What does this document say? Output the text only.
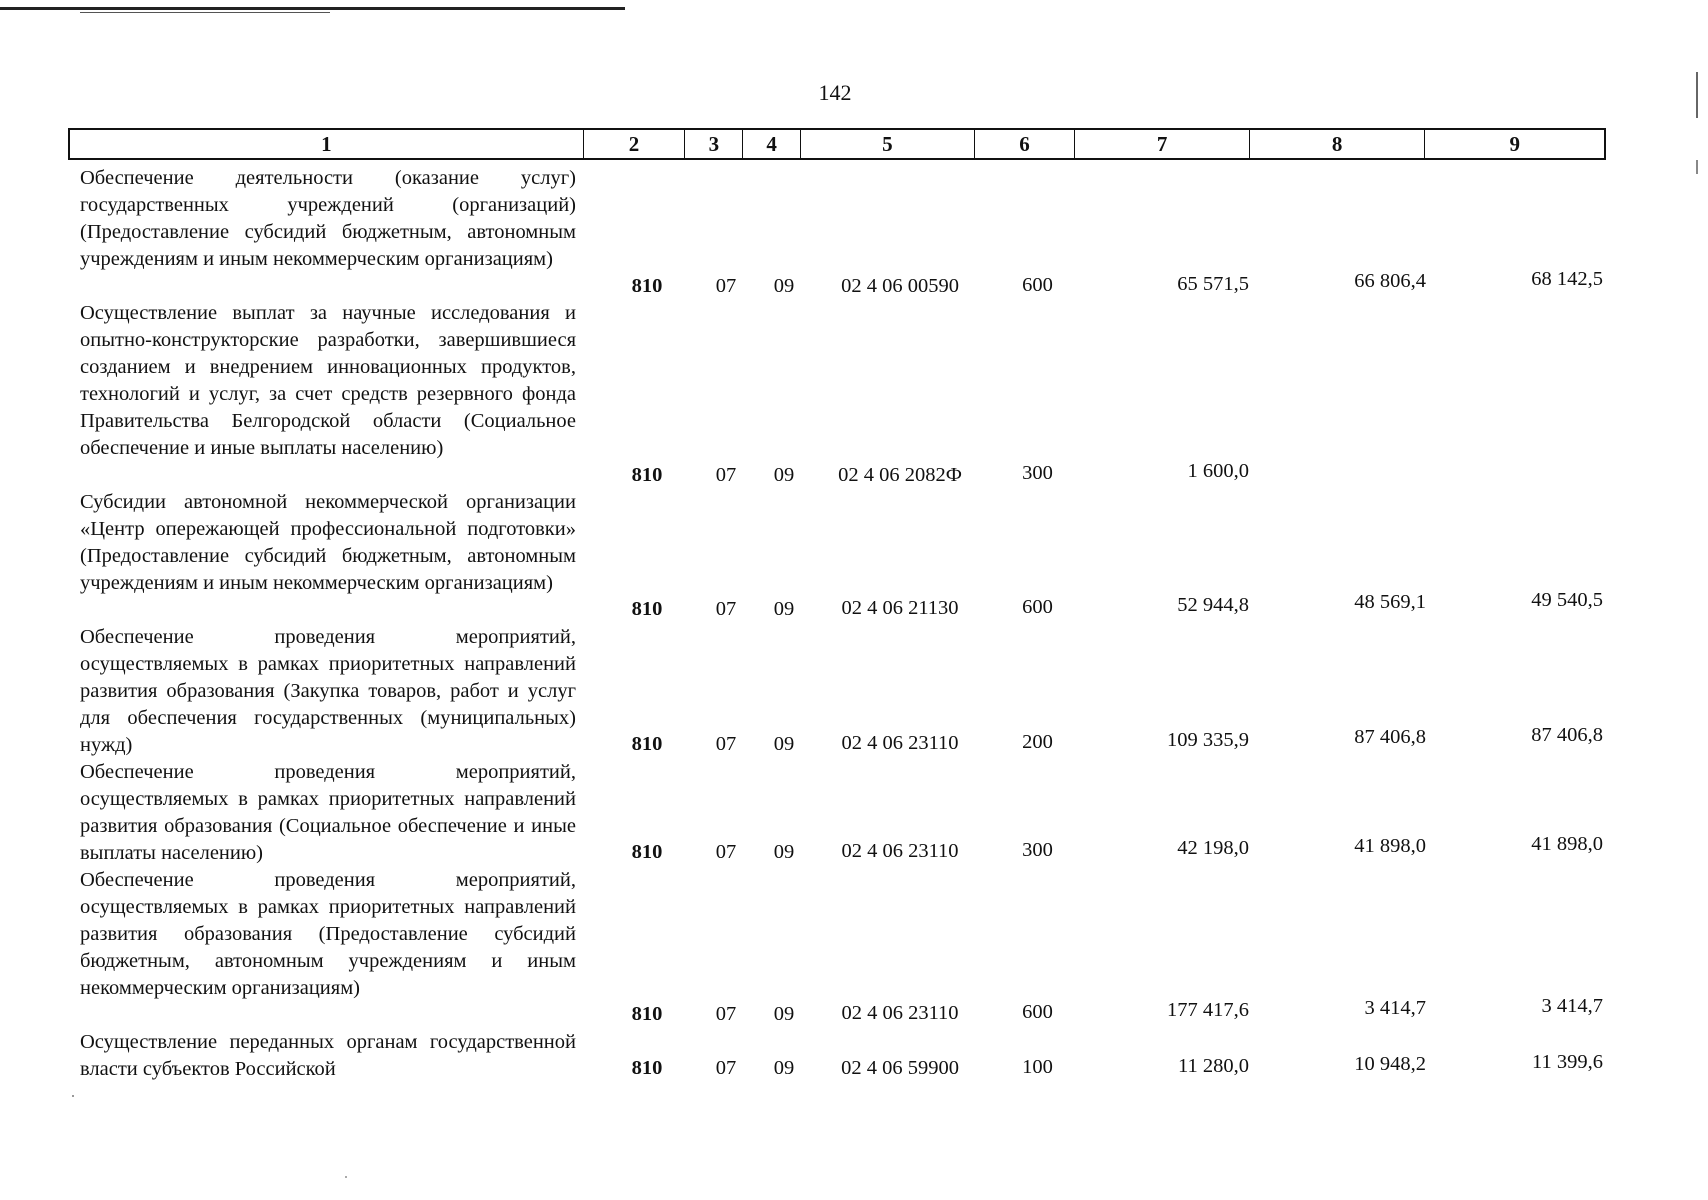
142
1	2	3	4	5	6	7	8	9
Обеспечение деятельности (оказание услуг) государственных учреждений (организаций) (Предоставление субсидий бюджетным, автономным учреждениям и иным некоммерческим организациям)
810	07	09	02 4 06 00590	600	65 571,5	66 806,4	68 142,5
Осуществление выплат за научные исследования и опытно-конструкторские разработки, завершившиеся созданием и внедрением инновационных продуктов, технологий и услуг, за счет средств резервного фонда Правительства Белгородской области (Социальное обеспечение и иные выплаты населению)
810	07	09	02 4 06 2082Ф	300	1 600,0
Субсидии автономной некоммерческой организации «Центр опережающей профессиональной подготовки» (Предоставление субсидий бюджетным, автономным учреждениям и иным некоммерческим организациям)
810	07	09	02 4 06 21130	600	52 944,8	48 569,1	49 540,5
Обеспечение проведения мероприятий, осуществляемых в рамках приоритетных направлений развития образования (Закупка товаров, работ и услуг для обеспечения государственных (муниципальных) нужд)	810	07	09	02 4 06 23110	200	109 335,9	87 406,8	87 406,8
Обеспечение проведения мероприятий, осуществляемых в рамках приоритетных направлений развития образования (Социальное обеспечение и иные выплаты населению)	810	07	09	02 4 06 23110	300	42 198,0	41 898,0	41 898,0
Обеспечение проведения мероприятий, осуществляемых в рамках приоритетных направлений развития образования (Предоставление субсидий бюджетным, автономным учреждениям и иным некоммерческим организациям)
810	07	09	02 4 06 23110	600	177 417,6	3 414,7	3 414,7
Осуществление переданных органам государственной власти субъектов Российской	810	07	09	02 4 06 59900	100	11 280,0	10 948,2	11 399,6
